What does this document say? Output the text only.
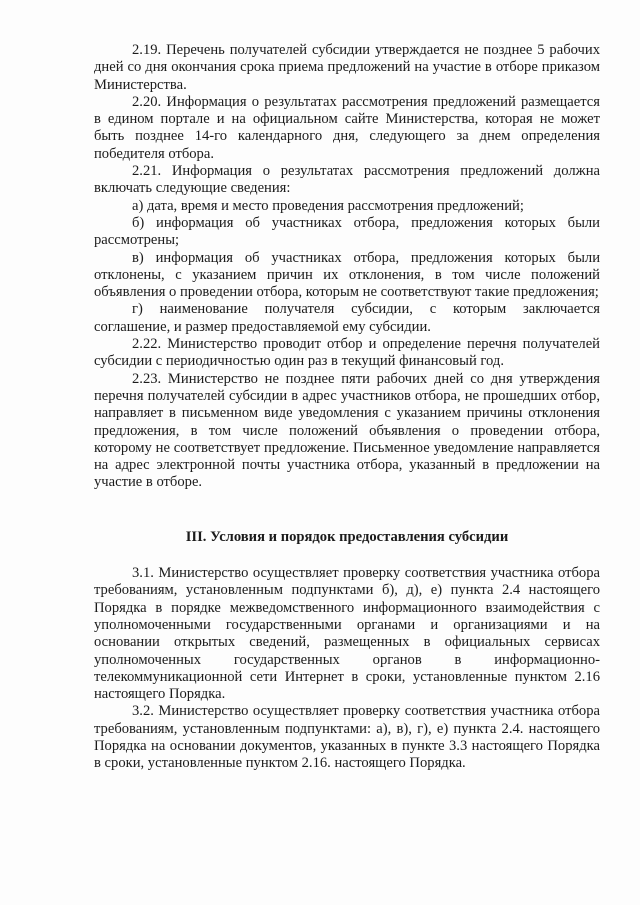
2.19. Перечень получателей субсидии утверждается не позднее 5 рабочих дней со дня окончания срока приема предложений на участие в отборе приказом Министерства.

2.20. Информация о результатах рассмотрения предложений размещается в едином портале и на официальном сайте Министерства, которая не может быть позднее 14-го календарного дня, следующего за днем определения победителя отбора.

2.21. Информация о результатах рассмотрения предложений должна включать следующие сведения:

а) дата, время и место проведения рассмотрения предложений;

б) информация об участниках отбора, предложения которых были рассмотрены;

в) информация об участниках отбора, предложения которых были отклонены, с указанием причин их отклонения, в том числе положений объявления о проведении отбора, которым не соответствуют такие предложения;

г) наименование получателя субсидии, с которым заключается соглашение, и размер предоставляемой ему субсидии.

2.22. Министерство проводит отбор и определение перечня получателей субсидии с периодичностью один раз в текущий финансовый год.

2.23. Министерство не позднее пяти рабочих дней со дня утверждения перечня получателей субсидии в адрес участников отбора, не прошедших отбор, направляет в письменном виде уведомления с указанием причины отклонения предложения, в том числе положений объявления о проведении отбора, которому не соответствует предложение. Письменное уведомление направляется на адрес электронной почты участника отбора, указанный в предложении на участие в отборе.

III. Условия и порядок предоставления субсидии

3.1. Министерство осуществляет проверку соответствия участника отбора требованиям, установленным подпунктами б), д), е) пункта 2.4 настоящего Порядка в порядке межведомственного информационного взаимодействия с уполномоченными государственными органами и организациями и на основании открытых сведений, размещенных в официальных сервисах уполномоченных государственных органов в информационно-телекоммуникационной сети Интернет в сроки, установленные пунктом 2.16 настоящего Порядка.

3.2. Министерство осуществляет проверку соответствия участника отбора требованиям, установленным подпунктами: а), в), г), е) пункта 2.4. настоящего Порядка на основании документов, указанных в пункте 3.3 настоящего Порядка в сроки, установленные пунктом 2.16. настоящего Порядка.
